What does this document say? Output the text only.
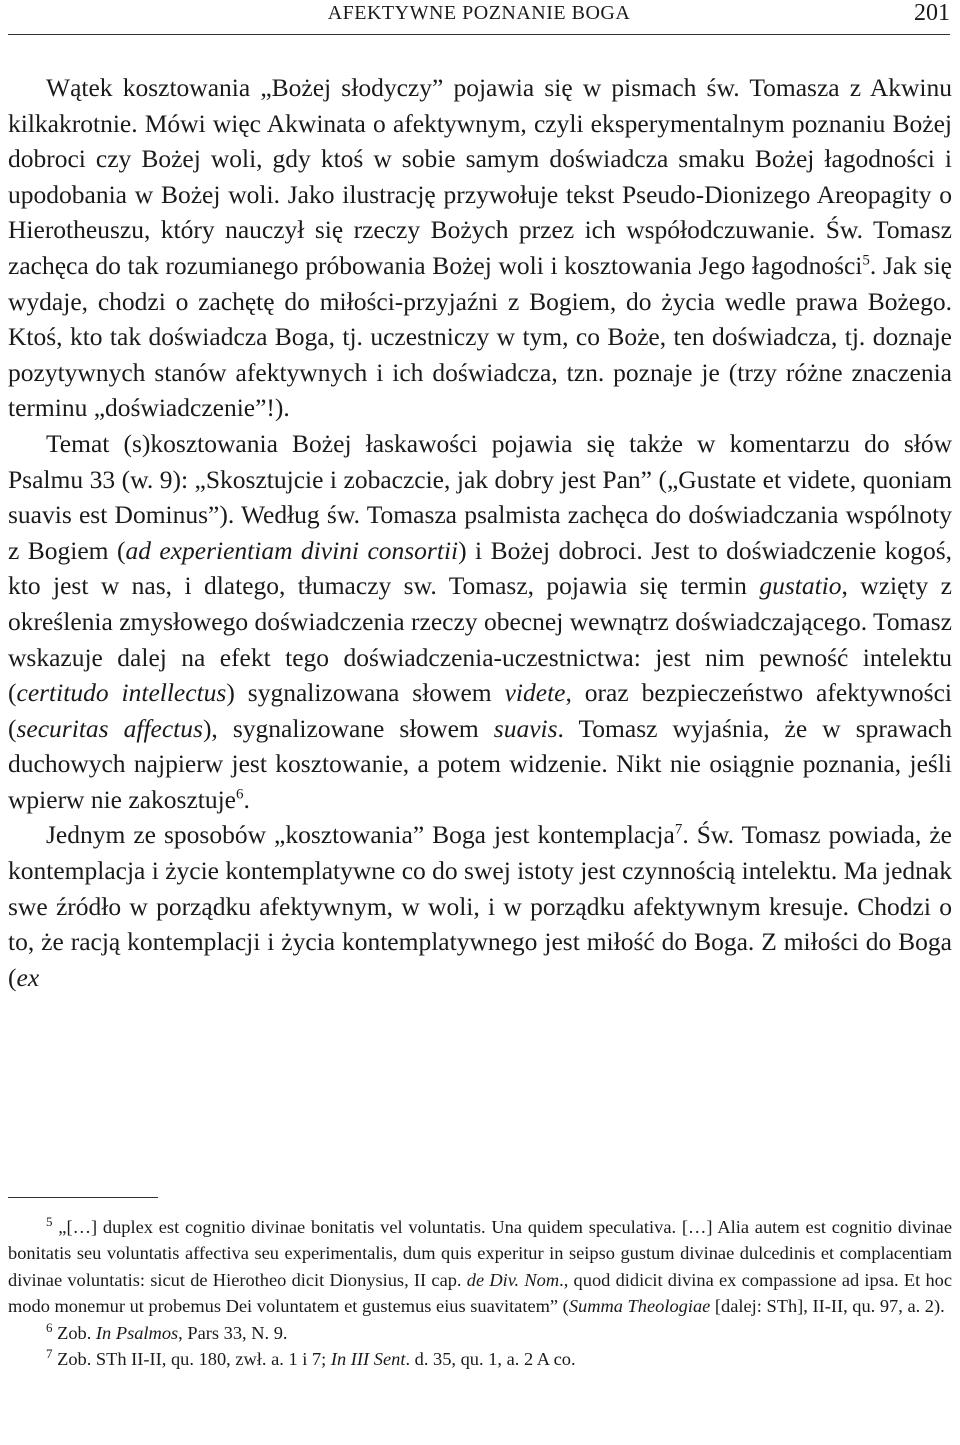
AFEKTYWNE POZNANIE BOGA	201

Wątek kosztowania „Bożej słodyczy” pojawia się w pismach św. Tomasza z Akwinu kilkakrotnie. Mówi więc Akwinata o afektywnym, czyli eksperymentalnym poznaniu Bożej dobroci czy Bożej woli, gdy ktoś w sobie samym doświadcza smaku Bożej łagodności i upodobania w Bożej woli. Jako ilustrację przywołuje tekst Pseudo-Dionizego Areopagity o Hierotheuszu, który nauczył się rzeczy Bożych przez ich współodczuwanie. Św. Tomasz zachęca do tak rozumianego próbowania Bożej woli i kosztowania Jego łagodności$^5$. Jak się wydaje, chodzi o zachętę do miłości-przyjaźni z Bogiem, do życia wedle prawa Bożego. Ktoś, kto tak doświadcza Boga, tj. uczestniczy w tym, co Boże, ten doświadcza, tj. doznaje pozytywnych stanów afektywnych i ich doświadcza, tzn. poznaje je (trzy różne znaczenia terminu „doświadczenie”!).

Temat (s)kosztowania Bożej łaskawości pojawia się także w komentarzu do słów Psalmu 33 (w. 9): „Skosztujcie i zobaczcie, jak dobry jest Pan” („Gustate et videte, quoniam suavis est Dominus”). Według św. Tomasza psalmista zachęca do doświadczania wspólnoty z Bogiem (ad experientiam divini consortii) i Bożej dobroci. Jest to doświadczenie kogoś, kto jest w nas, i dlatego, tłumaczy sw. Tomasz, pojawia się termin gustatio, wzięty z określenia zmysłowego doświadczenia rzeczy obecnej wewnątrz doświadczającego. Tomasz wskazuje dalej na efekt tego doświadczenia-uczestnictwa: jest nim pewność intelektu (certitudo intellectus) sygnalizowana słowem videte, oraz bezpieczeństwo afektywności (securitas affectus), sygnalizowane słowem suavis. Tomasz wyjaśnia, że w sprawach duchowych najpierw jest kosztowanie, a potem widzenie. Nikt nie osiągnie poznania, jeśli wpierw nie zakosztuje$^6$.

Jednym ze sposobów „kosztowania” Boga jest kontemplacja$^7$. Św. Tomasz powiada, że kontemplacja i życie kontemplatywne co do swej istoty jest czynnością intelektu. Ma jednak swe źródło w porządku afektywnym, w woli, i w porządku afektywnym kresuje. Chodzi o to, że racją kontemplacji i życia kontemplatywnego jest miłość do Boga. Z miłości do Boga (ex

$^5$ „[…] duplex est cognitio divinae bonitatis vel voluntatis. Una quidem speculativa. […] Alia autem est cognitio divinae bonitatis seu voluntatis affectiva seu experimentalis, dum quis experitur in seipso gustum divinae dulcedinis et complacentiam divinae voluntatis: sicut de Hierotheo dicit Dionysius, II cap. de Div. Nom., quod didicit divina ex compassione ad ipsa. Et hoc modo monemur ut probemus Dei voluntatem et gustemus eius suavitatem” (Summa Theologiae [dalej: STh], II-II, qu. 97, a. 2).

$^6$ Zob. In Psalmos, Pars 33, N. 9.

$^7$ Zob. STh II-II, qu. 180, zwł. a. 1 i 7; In III Sent. d. 35, qu. 1, a. 2 A co.
